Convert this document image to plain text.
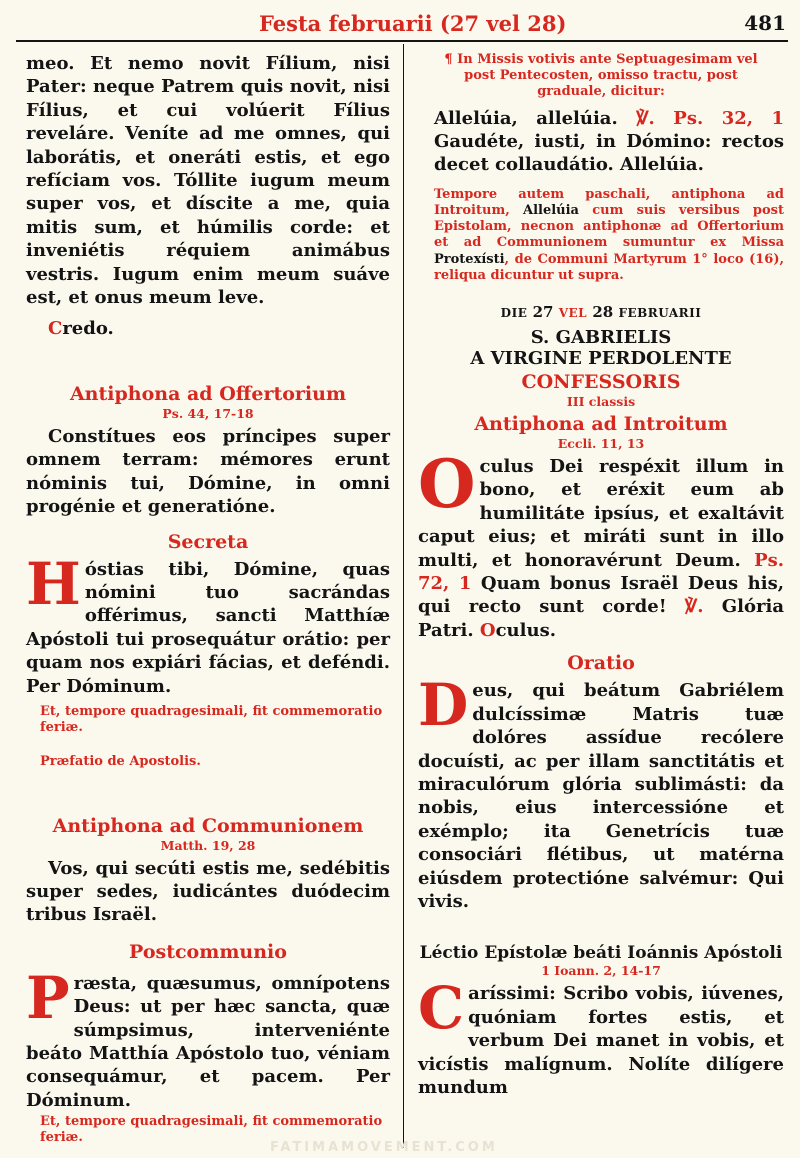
Festa februarii (27 vel 28)	481

meo. Et nemo novit Fílium, nisi Pater: neque Patrem quis novit, nisi Fílius, et cui volúerit Fílius reveláre. Veníte ad me omnes, qui laborátis, et oneráti estis, et ego refíciam vos. Tóllite iugum meum super vos, et díscite a me, quia mitis sum, et húmilis corde: et inveniétis réquiem animábus vestris. Iugum enim meum suáve est, et onus meum leve.

Credo.

Antiphona ad Offertorium

Ps. 44, 17-18

Constítues eos príncipes super omnem terram: mémores erunt nóminis tui, Dómine, in omni progénie et generatióne.

Secreta

Hóstias tibi, Dómine, quas nómini tuo sacrándas offérimus, sancti Matthíæ Apóstoli tui prosequátur orátio: per quam nos expiári fácias, et deféndi. Per Dóminum.

Et, tempore quadragesimali, fit commemoratio feriæ.

Præfatio de Apostolis.

Antiphona ad Communionem

Matth. 19, 28

Vos, qui secúti estis me, sedébitis super sedes, iudicántes duódecim tribus Israël.

Postcommunio

Præsta, quæsumus, omnípotens Deus: ut per hæc sancta, quæ súmpsimus, interveniénte beáto Matthía Apóstolo tuo, véniam consequámur, et pacem. Per Dóminum.

Et, tempore quadragesimali, fit commemoratio feriæ.

¶ In Missis votivis ante Septuagesimam vel post Pentecosten, omisso tractu, post graduale, dicitur:

Allelúia, allelúia. ℣. Ps. 32, 1 Gaudéte, iusti, in Dómino: rectos decet collaudátio. Allelúia.

Tempore autem paschali, antiphona ad Introitum, Allelúia cum suis versibus post Epistolam, necnon antiphonæ ad Offertorium et ad Communionem sumuntur ex Missa Protexísti, de Communi Martyrum 1° loco (16), reliqua dicuntur ut supra.

DIE 27 VEL 28 FEBRUARII

S. GABRIELIS

A VIRGINE PERDOLENTE

CONFESSORIS

III classis

Antiphona ad Introitum

Eccli. 11, 13

Oculus Dei respéxit illum in bono, et eréxit eum ab humilitáte ipsíus, et exaltávit caput eius; et miráti sunt in illo multi, et honoravérunt Deum. Ps. 72, 1 Quam bonus Israël Deus his, qui recto sunt corde! ℣. Glória Patri. Oculus.

Oratio

Deus, qui beátum Gabriélem dulcíssimæ Matris tuæ dolóres assídue recólere docuísti, ac per illam sanctitátis et miraculórum glória sublimásti: da nobis, eius intercessióne et exémplo; ita Genetrícis tuæ consociári flétibus, ut matérna eiúsdem protectióne salvémur: Qui vivis.

Léctio Epístolæ beáti Ioánnis Apóstoli

1 Ioann. 2, 14-17

Caríssimi: Scribo vobis, iúvenes, quóniam fortes estis, et verbum Dei manet in vobis, et vicístis malígnum. Nolíte dilígere mundum

FATIMAMOVEMENT.COM
